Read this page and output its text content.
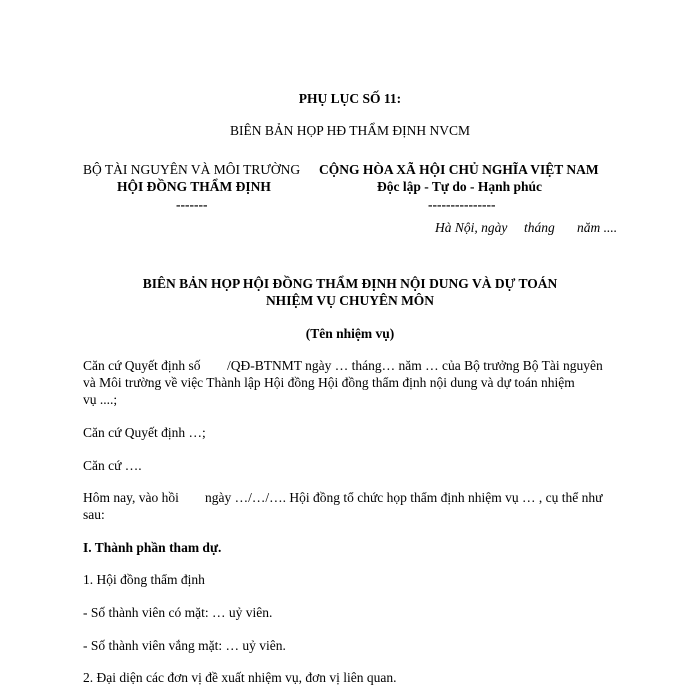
PHỤ LỤC SỐ 11:
BIÊN BẢN HỌP HĐ THẨM ĐỊNH NVCM
BỘ TÀI NGUYÊN VÀ MÔI TRƯỜNG
HỘI ĐỒNG THẨM ĐỊNH
-------
CỘNG HÒA XÃ HỘI CHỦ NGHĨA VIỆT NAM
Độc lập - Tự do - Hạnh phúc
---------------
Hà Nội, ngày tháng năm ....
BIÊN BẢN HỌP HỘI ĐỒNG THẨM ĐỊNH NỘI DUNG VÀ DỰ TOÁN
NHIỆM VỤ CHUYÊN MÔN
(Tên nhiệm vụ)
Căn cứ Quyết định số /QĐ-BTNMT ngày … tháng… năm … của Bộ trưởng Bộ Tài nguyên
và Môi trường về việc Thành lập Hội đồng Hội đồng thẩm định nội dung và dự toán nhiệm
vụ ....;
Căn cứ Quyết định …;
Căn cứ ….
Hôm nay, vào hồi ngày …/…/…. Hội đồng tổ chức họp thẩm định nhiệm vụ … , cụ thể như
sau:
I. Thành phần tham dự.
1. Hội đồng thẩm định
- Số thành viên có mặt: … uỷ viên.
- Số thành viên vắng mặt: … uỷ viên.
2. Đại diện các đơn vị đề xuất nhiệm vụ, đơn vị liên quan.
